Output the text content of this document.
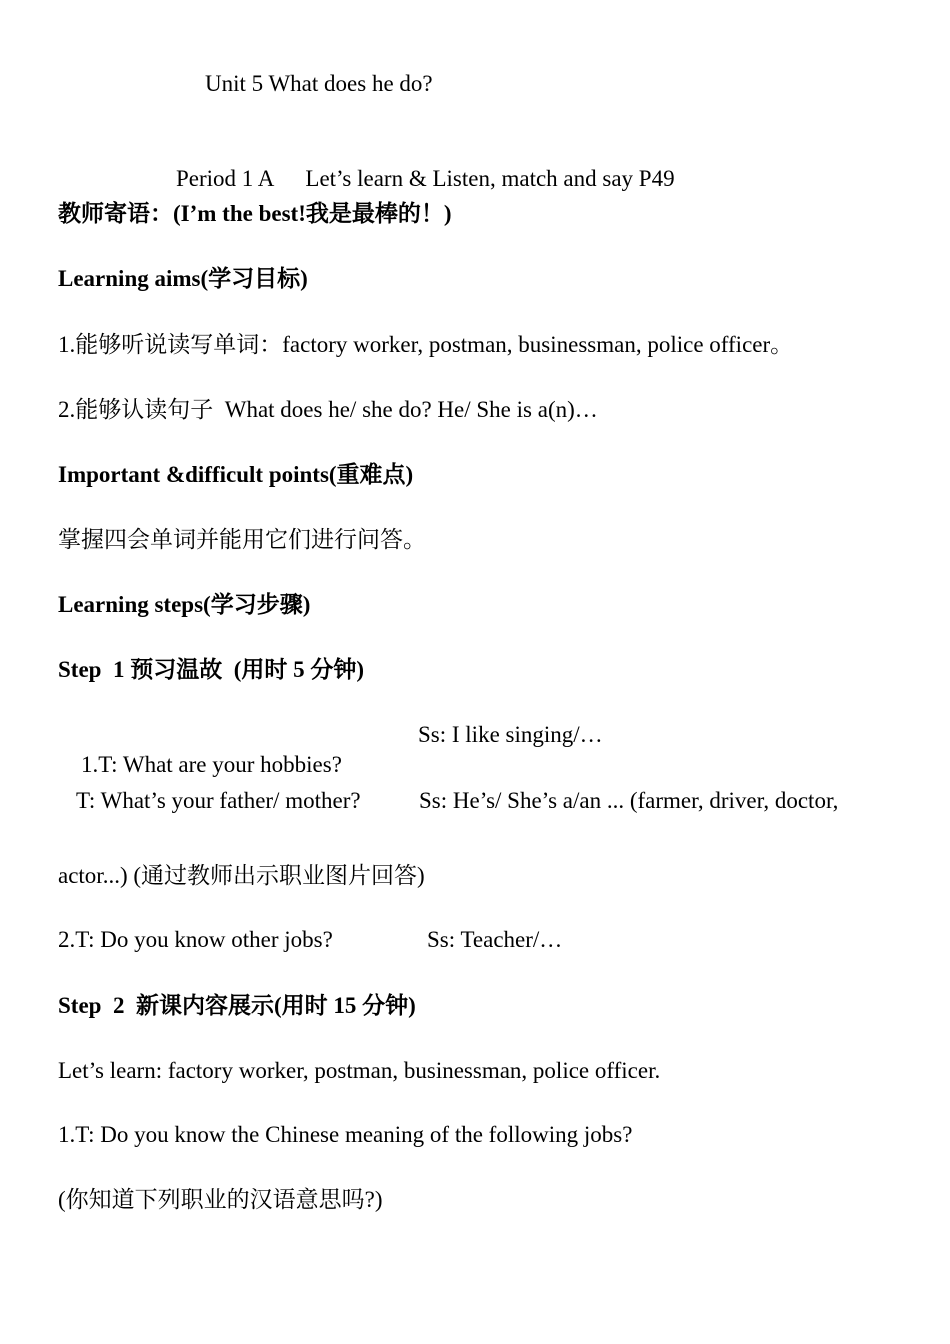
Unit 5 What does he do?

Period 1 A Let’s learn & Listen, match and say P49

教师寄语：(I’m the best!我是最棒的！)
Learning aims(学习目标)
1.能够听说读写单词：factory worker, postman, businessman, police officer。
2.能够认读句子  What does he/ she do? He/ She is a(n)…
Important &difficult points(重难点)
掌握四会单词并能用它们进行问答。
Learning steps(学习步骤)
Step  1 预习温故  (用时 5 分钟)

1.T: What are your hobbies?

Ss: I like singing/…
T: What’s your father/ mother?	Ss: He’s/ She’s a/an ... (farmer, driver, doctor,
actor...) (通过教师出示职业图片回答)
2.T: Do you know other jobs?	Ss: Teacher/…
Step  2  新课内容展示(用时 15 分钟)
Let’s learn: factory worker, postman, businessman, police officer.
1.T: Do you know the Chinese meaning of the following jobs?
(你知道下列职业的汉语意思吗?)
